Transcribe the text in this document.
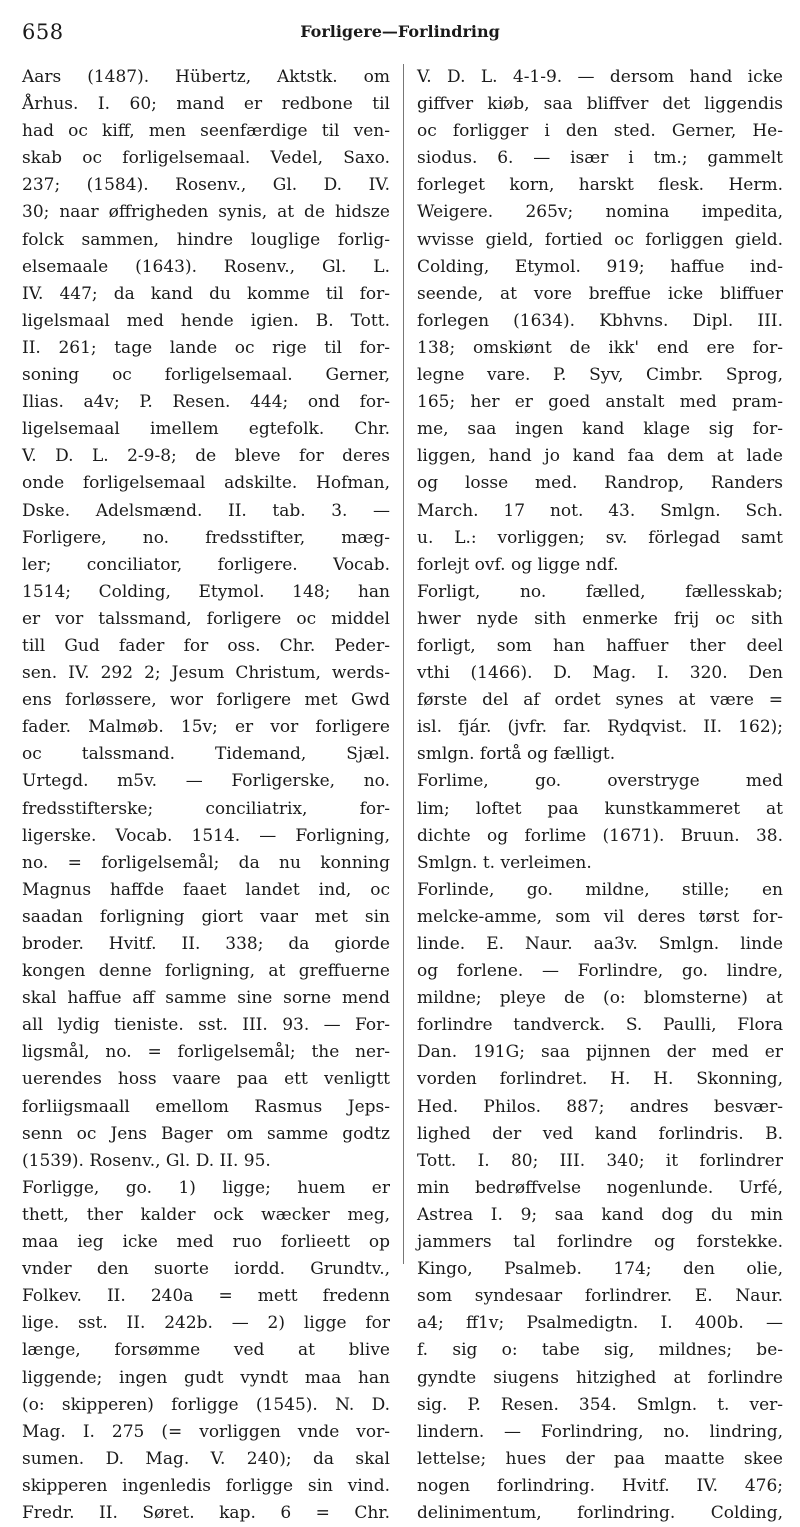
658	Forligere—Forlindring
Aars (1487). Hübertz, Aktstk. om
Århus. I. 60; mand er redbone til
had oc kiff, men seenfærdige til ven-
skab oc forligelsemaal. Vedel, Saxo.
237; (1584). Rosenv., Gl. D. IV.
30; naar øffrigheden synis, at de hidsze
folck sammen, hindre louglige forlig-
elsemaale (1643). Rosenv., Gl. L.
IV. 447; da kand du komme til for-
ligelsmaal med hende igien. B. Tott.
II. 261; tage lande oc rige til for-
soning oc forligelsemaal. Gerner,
Ilias. a4v; P. Resen. 444; ond for-
ligelsemaal imellem egtefolk. Chr.
V. D. L. 2-9-8; de bleve for deres
onde forligelsemaal adskilte. Hofman,
Dske. Adelsmænd. II. tab. 3. —
Forligere, no. fredsstifter, mæg-
ler; conciliator, forligere. Vocab.
1514; Colding, Etymol. 148; han
er vor talssmand, forligere oc middel
till Gud fader for oss. Chr. Peder-
sen. IV. 292 2; Jesum Christum, werds-
ens forløssere, wor forligere met Gwd
fader. Malmøb. 15v; er vor forligere
oc talssmand. Tidemand, Sjæl.
Urtegd. m5v. — Forligerske, no.
fredsstifterske; conciliatrix, for-
ligerske. Vocab. 1514. — Forligning,
no. = forligelsemål; da nu konning
Magnus haffde faaet landet ind, oc
saadan forligning giort vaar met sin
broder. Hvitf. II. 338; da giorde
kongen denne forligning, at greffuerne
skal haffue aff samme sine sorne mend
all lydig tieniste. sst. III. 93. — For-
ligsmål, no. = forligelsemål; the ner-
uerendes hoss vaare paa ett venligtt
forliigsmaall emellom Rasmus Jeps-
senn oc Jens Bager om samme godtz
(1539). Rosenv., Gl. D. II. 95.
Forligge, go. 1) ligge; huem er
thett, ther kalder ock wæcker meg,
maa ieg icke med ruo forlieett op
vnder den suorte iordd. Grundtv.,
Folkev. II. 240a = mett fredenn
lige. sst. II. 242b. — 2) ligge for
længe, forsømme ved at blive
liggende; ingen gudt vyndt maa han
(o: skipperen) forligge (1545). N. D.
Mag. I. 275 (= vorliggen vnde vor-
sumen. D. Mag. V. 240); da skal
skipperen ingenledis forligge sin vind.
Fredr. II. Søret. kap. 6 = Chr.
V. D. L. 4-1-9. — dersom hand icke
giffver kiøb, saa bliffver det liggendis
oc forligger i den sted. Gerner, He-
siodus. 6. — især i tm.; gammelt
forleget korn, harskt flesk. Herm.
Weigere. 265v; nomina impedita,
wvisse gield, fortied oc forliggen gield.
Colding, Etymol. 919; haffue ind-
seende, at vore breffue icke bliffuer
forlegen (1634). Kbhvns. Dipl. III.
138; omskiønt de ikk' end ere for-
legne vare. P. Syv, Cimbr. Sprog,
165; her er goed anstalt med pram-
me, saa ingen kand klage sig for-
liggen, hand jo kand faa dem at lade
og losse med. Randrop, Randers
March. 17 not. 43. Smlgn. Sch.
u. L.: vorliggen; sv. förlegad samt
forlejt ovf. og ligge ndf.
Forligt, no. fælled, fællesskab;
hwer nyde sith enmerke frij oc sith
forligt, som han haffuer ther deel
vthi (1466). D. Mag. I. 320. Den
første del af ordet synes at være =
isl. fjár. (jvfr. far. Rydqvist. II. 162);
smlgn. fortå og fælligt.
Forlime, go. overstryge med
lim; loftet paa kunstkammeret at
dichte og forlime (1671). Bruun. 38.
Smlgn. t. verleimen.
Forlinde, go. mildne, stille; en
melcke-amme, som vil deres tørst for-
linde. E. Naur. aa3v. Smlgn. linde
og forlene. — Forlindre, go. lindre,
mildne; pleye de (o: blomsterne) at
forlindre tandverck. S. Paulli, Flora
Dan. 191G; saa pijnnen der med er
vorden forlindret. H. H. Skonning,
Hed. Philos. 887; andres besvær-
lighed der ved kand forlindris. B.
Tott. I. 80; III. 340; it forlindrer
min bedrøffvelse nogenlunde. Urfé,
Astrea I. 9; saa kand dog du min
jammers tal forlindre og forstekke.
Kingo, Psalmeb. 174; den olie,
som syndesaar forlindrer. E. Naur.
a4; ff1v; Psalmedigtn. I. 400b. —
f. sig o: tabe sig, mildnes; be-
gyndte siugens hitzighed at forlindre
sig. P. Resen. 354. Smlgn. t. ver-
lindern. — Forlindring, no. lindring,
lettelse; hues der paa maatte skee
nogen forlindring. Hvitf. IV. 476;
delinimentum, forlindring. Colding,
